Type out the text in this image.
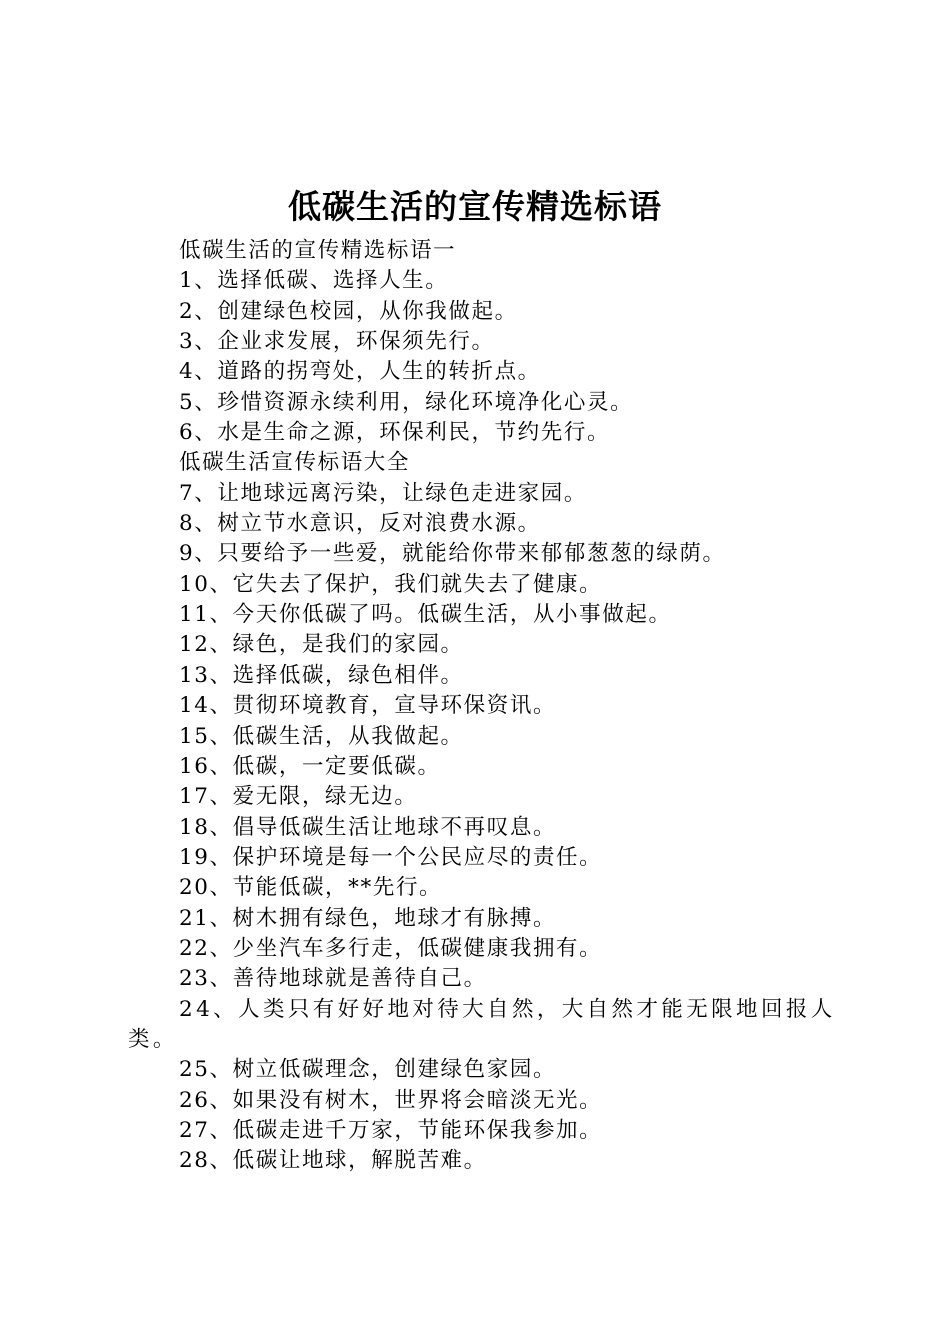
低碳生活的宣传精选标语
低碳生活的宣传精选标语一
1、选择低碳、选择人生。
2、创建绿色校园，从你我做起。
3、企业求发展，环保须先行。
4、道路的拐弯处，人生的转折点。
5、珍惜资源永续利用，绿化环境净化心灵。
6、水是生命之源，环保利民，节约先行。
低碳生活宣传标语大全
7、让地球远离污染，让绿色走进家园。
8、树立节水意识，反对浪费水源。
9、只要给予一些爱，就能给你带来郁郁葱葱的绿荫。
10、它失去了保护，我们就失去了健康。
11、今天你低碳了吗。低碳生活，从小事做起。
12、绿色，是我们的家园。
13、选择低碳，绿色相伴。
14、贯彻环境教育，宣导环保资讯。
15、低碳生活，从我做起。
16、低碳，一定要低碳。
17、爱无限，绿无边。
18、倡导低碳生活让地球不再叹息。
19、保护环境是每一个公民应尽的责任。
20、节能低碳，**先行。
21、树木拥有绿色，地球才有脉搏。
22、少坐汽车多行走，低碳健康我拥有。
23、善待地球就是善待自己。
24、人类只有好好地对待大自然，大自然才能无限地回报人类。
25、树立低碳理念，创建绿色家园。
26、如果没有树木，世界将会暗淡无光。
27、低碳走进千万家，节能环保我参加。
28、低碳让地球，解脱苦难。
